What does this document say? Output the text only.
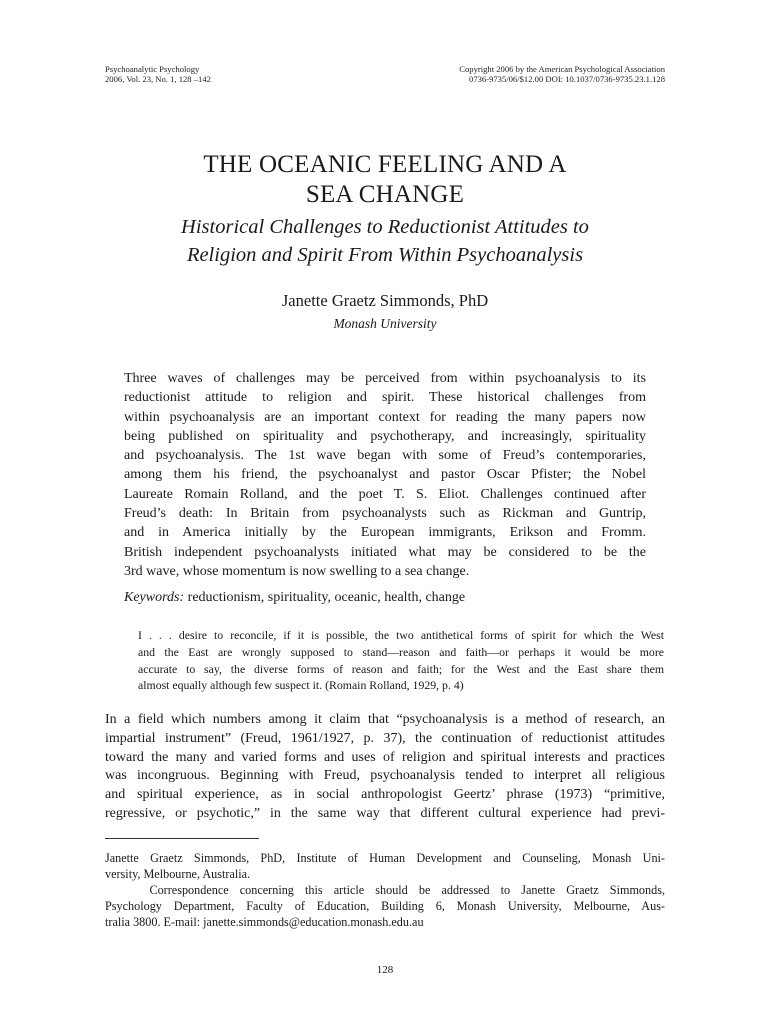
Psychoanalytic Psychology
2006, Vol. 23, No. 1, 128 –142
Copyright 2006 by the American Psychological Association
0736-9735/06/$12.00 DOI: 10.1037/0736-9735.23.1.128
THE OCEANIC FEELING AND A
SEA CHANGE
Historical Challenges to Reductionist Attitudes to
Religion and Spirit From Within Psychoanalysis
Janette Graetz Simmonds, PhD
Monash University
Three waves of challenges may be perceived from within psychoanalysis to its
reductionist attitude to religion and spirit. These historical challenges from
within psychoanalysis are an important context for reading the many papers now
being published on spirituality and psychotherapy, and increasingly, spirituality
and psychoanalysis. The 1st wave began with some of Freud’s contemporaries,
among them his friend, the psychoanalyst and pastor Oscar Pfister; the Nobel
Laureate Romain Rolland, and the poet T. S. Eliot. Challenges continued after
Freud’s death: In Britain from psychoanalysts such as Rickman and Guntrip,
and in America initially by the European immigrants, Erikson and Fromm.
British independent psychoanalysts initiated what may be considered to be the
3rd wave, whose momentum is now swelling to a sea change.
Keywords: reductionism, spirituality, oceanic, health, change
I . . . desire to reconcile, if it is possible, the two antithetical forms of spirit for which the West
and the East are wrongly supposed to stand—reason and faith—or perhaps it would be more
accurate to say, the diverse forms of reason and faith; for the West and the East share them
almost equally although few suspect it. (Romain Rolland, 1929, p. 4)
In a field which numbers among it claim that “psychoanalysis is a method of research, an
impartial instrument” (Freud, 1961/1927, p. 37), the continuation of reductionist attitudes
toward the many and varied forms and uses of religion and spiritual interests and practices
was incongruous. Beginning with Freud, psychoanalysis tended to interpret all religious
and spiritual experience, as in social anthropologist Geertz’ phrase (1973) “primitive,
regressive, or psychotic,” in the same way that different cultural experience had previ-
Janette Graetz Simmonds, PhD, Institute of Human Development and Counseling, Monash Uni-
versity, Melbourne, Australia.
Correspondence concerning this article should be addressed to Janette Graetz Simmonds,
Psychology Department, Faculty of Education, Building 6, Monash University, Melbourne, Aus-
tralia 3800. E-mail: janette.simmonds@education.monash.edu.au
128
